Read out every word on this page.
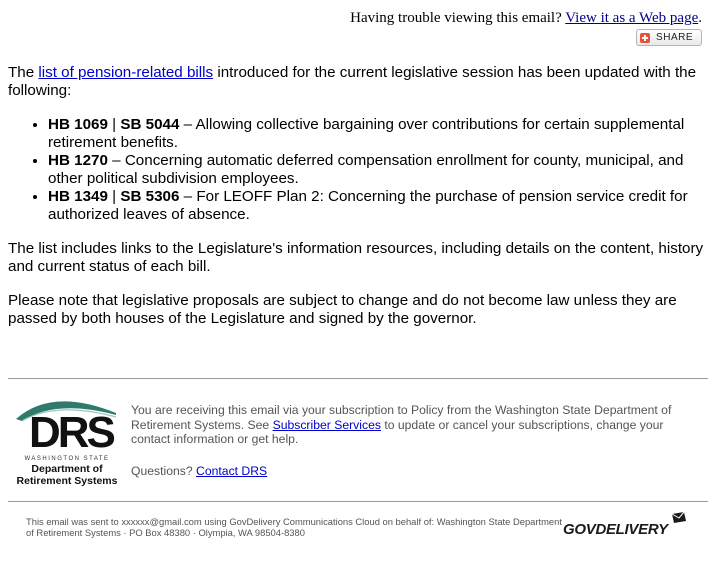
Having trouble viewing this email? View it as a Web page.
SHARE

The list of pension-related bills introduced for the current legislative session has been updated with the following:

• HB 1069 | SB 5044 – Allowing collective bargaining over contributions for certain supplemental retirement benefits.
• HB 1270 – Concerning automatic deferred compensation enrollment for county, municipal, and other political subdivision employees.
• HB 1349 | SB 5306 – For LEOFF Plan 2: Concerning the purchase of pension service credit for authorized leaves of absence.

The list includes links to the Legislature's information resources, including details on the content, history and current status of each bill.

Please note that legislative proposals are subject to change and do not become law unless they are passed by both houses of the Legislature and signed by the governor.

DRS
WASHINGTON STATE
Department of
Retirement Systems
You are receiving this email via your subscription to Policy from the Washington State Department of Retirement Systems. See Subscriber Services to update or cancel your subscriptions, change your contact information or get help.
Questions? Contact DRS
This email was sent to xxxxxx@gmail.com using GovDelivery Communications Cloud on behalf of: Washington State Department of Retirement Systems · PO Box 48380 · Olympia, WA 98504-8380	GOVDELIVERY
